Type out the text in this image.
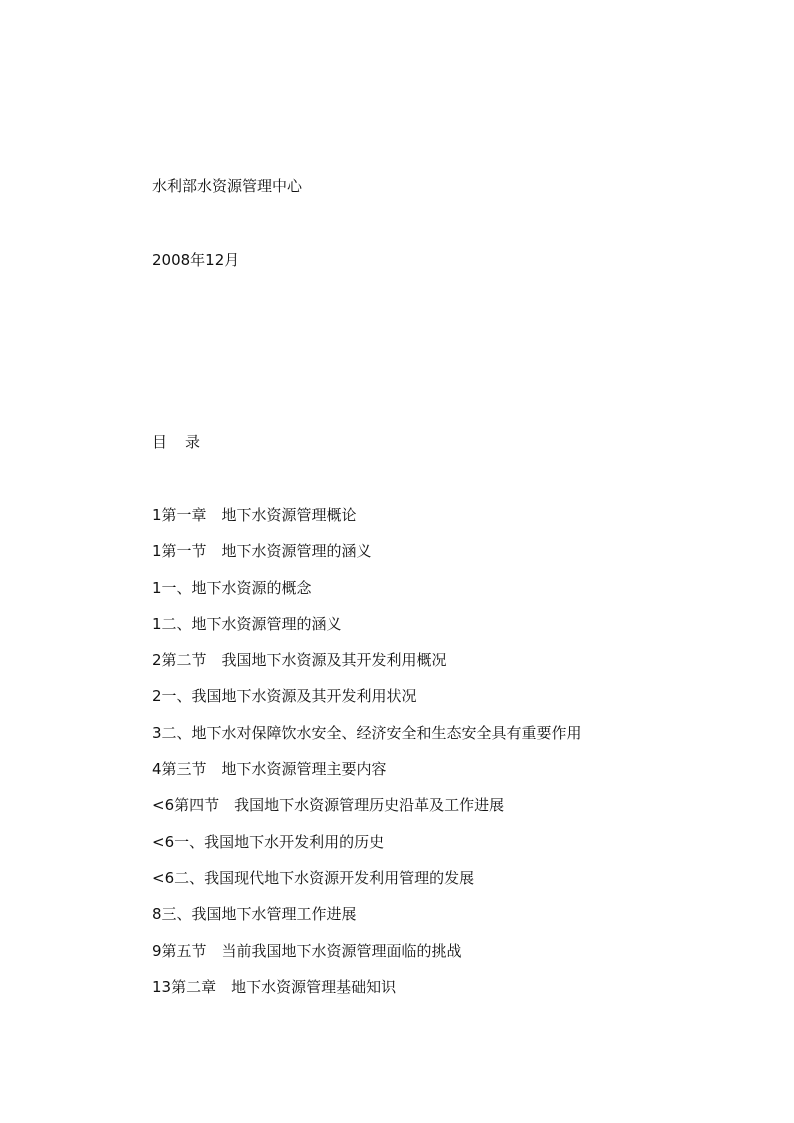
水利部水资源管理中心
2008年12月
目 录
1第一章　地下水资源管理概论
1第一节　地下水资源管理的涵义
1一、地下水资源的概念
1二、地下水资源管理的涵义
2第二节　我国地下水资源及其开发利用概况
2一、我国地下水资源及其开发利用状况
3二、地下水对保障饮水安全、经济安全和生态安全具有重要作用
4第三节　地下水资源管理主要内容
<6第四节　我国地下水资源管理历史沿革及工作进展
<6一、我国地下水开发利用的历史
<6二、我国现代地下水资源开发利用管理的发展
8三、我国地下水管理工作进展
9第五节　当前我国地下水资源管理面临的挑战
13第二章　地下水资源管理基础知识
